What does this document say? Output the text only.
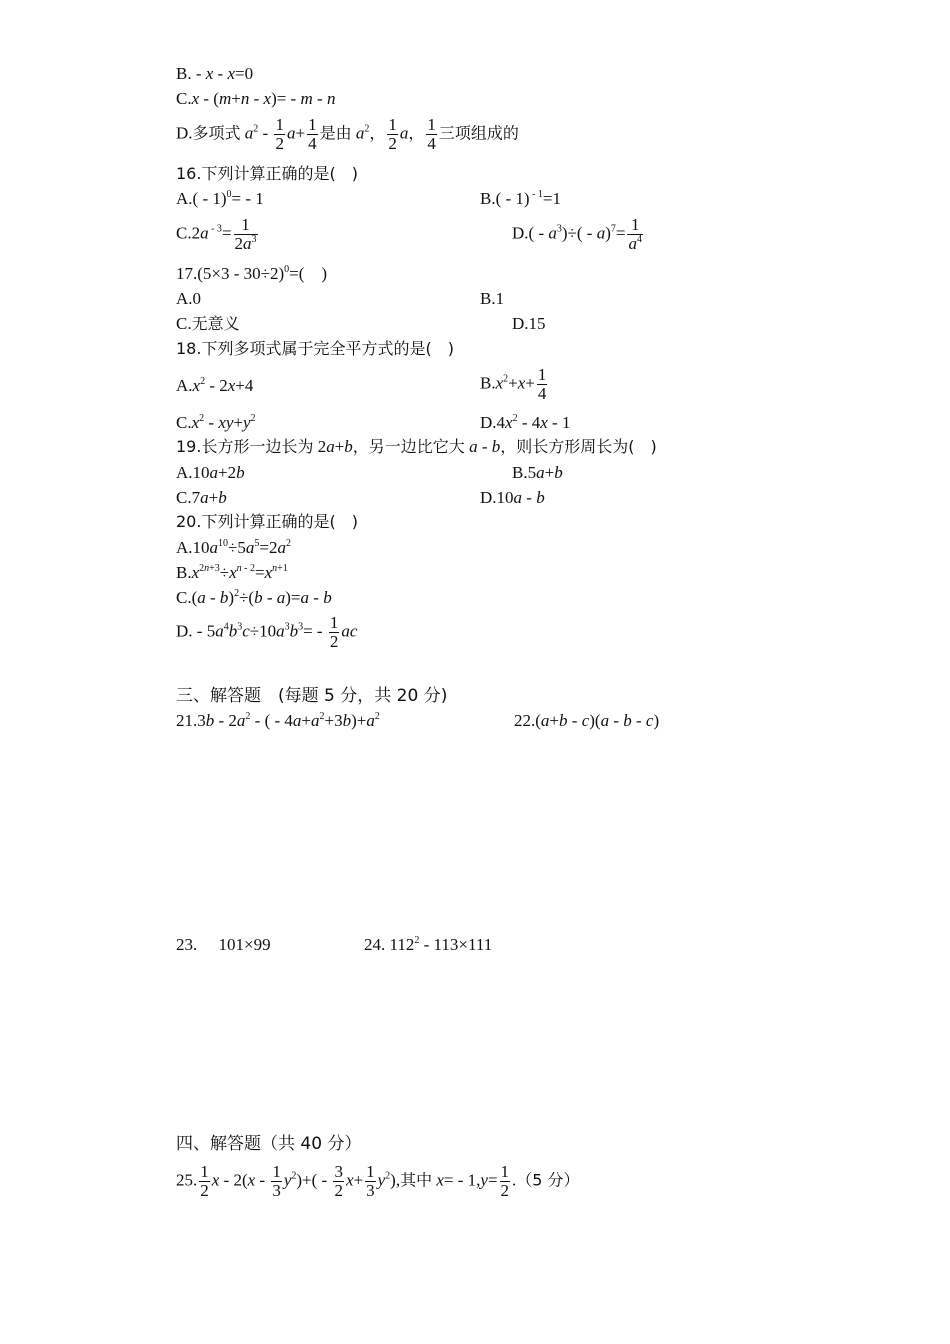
B. - x - x=0
C.x - (m+n - x)= - m - n
D.多项式 $a^2 - \frac{1}{2} a+ \frac{1}{4}$ 是由 $a^2$， $\frac{1}{2}$ a， $\frac{1}{4}$ 三项组成的
16.下列计算正确的是(　)
A.( - 1)$^0$= - 1	B.( - 1) $^{- 1}$=1
C.2a $^{- 3}= \frac{1}{2a^3}$	$D.( - a^3)\div( - a)^7= \frac{1}{a^4}$
$17.(5\times 3 - 30\div 2)^0=$(　)
A.0	B.1
C.无意义	D.15
18.下列多项式属于完全平方式的是(　)
$A.x^2 - 2x+4$	$B.x^2+x+ \frac{1}{4}$
$C.x^2 - xy+y^2$	$D.4x^2 - 4x - 1$
19.长方形一边长为 2a+b，另一边比它大 a - b，则长方形周长为(　)
A.10a+2b	B.5a+b
C.7a+b	D.10a - b
20.下列计算正确的是(　)
$A.10a^{10}\div 5a^5=2a^2$
$B.x^{2n+3}\div x^{n - 2}=x^{n+1}$
C.(a - b)$^2$÷(b - a)=a - b
D. - $5a^4b^3c\div 10a^3b^3= - \frac{1}{2}$ ac
三、解答题　(每题 5 分，共 20 分)
$21.3b - 2a^2$ - ( - $4a+a^2+3b)+a^2$	22.(a+b - c)(a - b - c)
23.　 101×99	24. $112^2 - 113\times 111$
四、解答题（共 40 分）
25. $\frac{1}{2}$ $x - 2(x - \frac{1}{3} y^2)+( - \frac{3}{2} x+ \frac{1}{3} y^2)$,其中 $x= - 1,y= \frac{1}{2} .(5$ 分）
